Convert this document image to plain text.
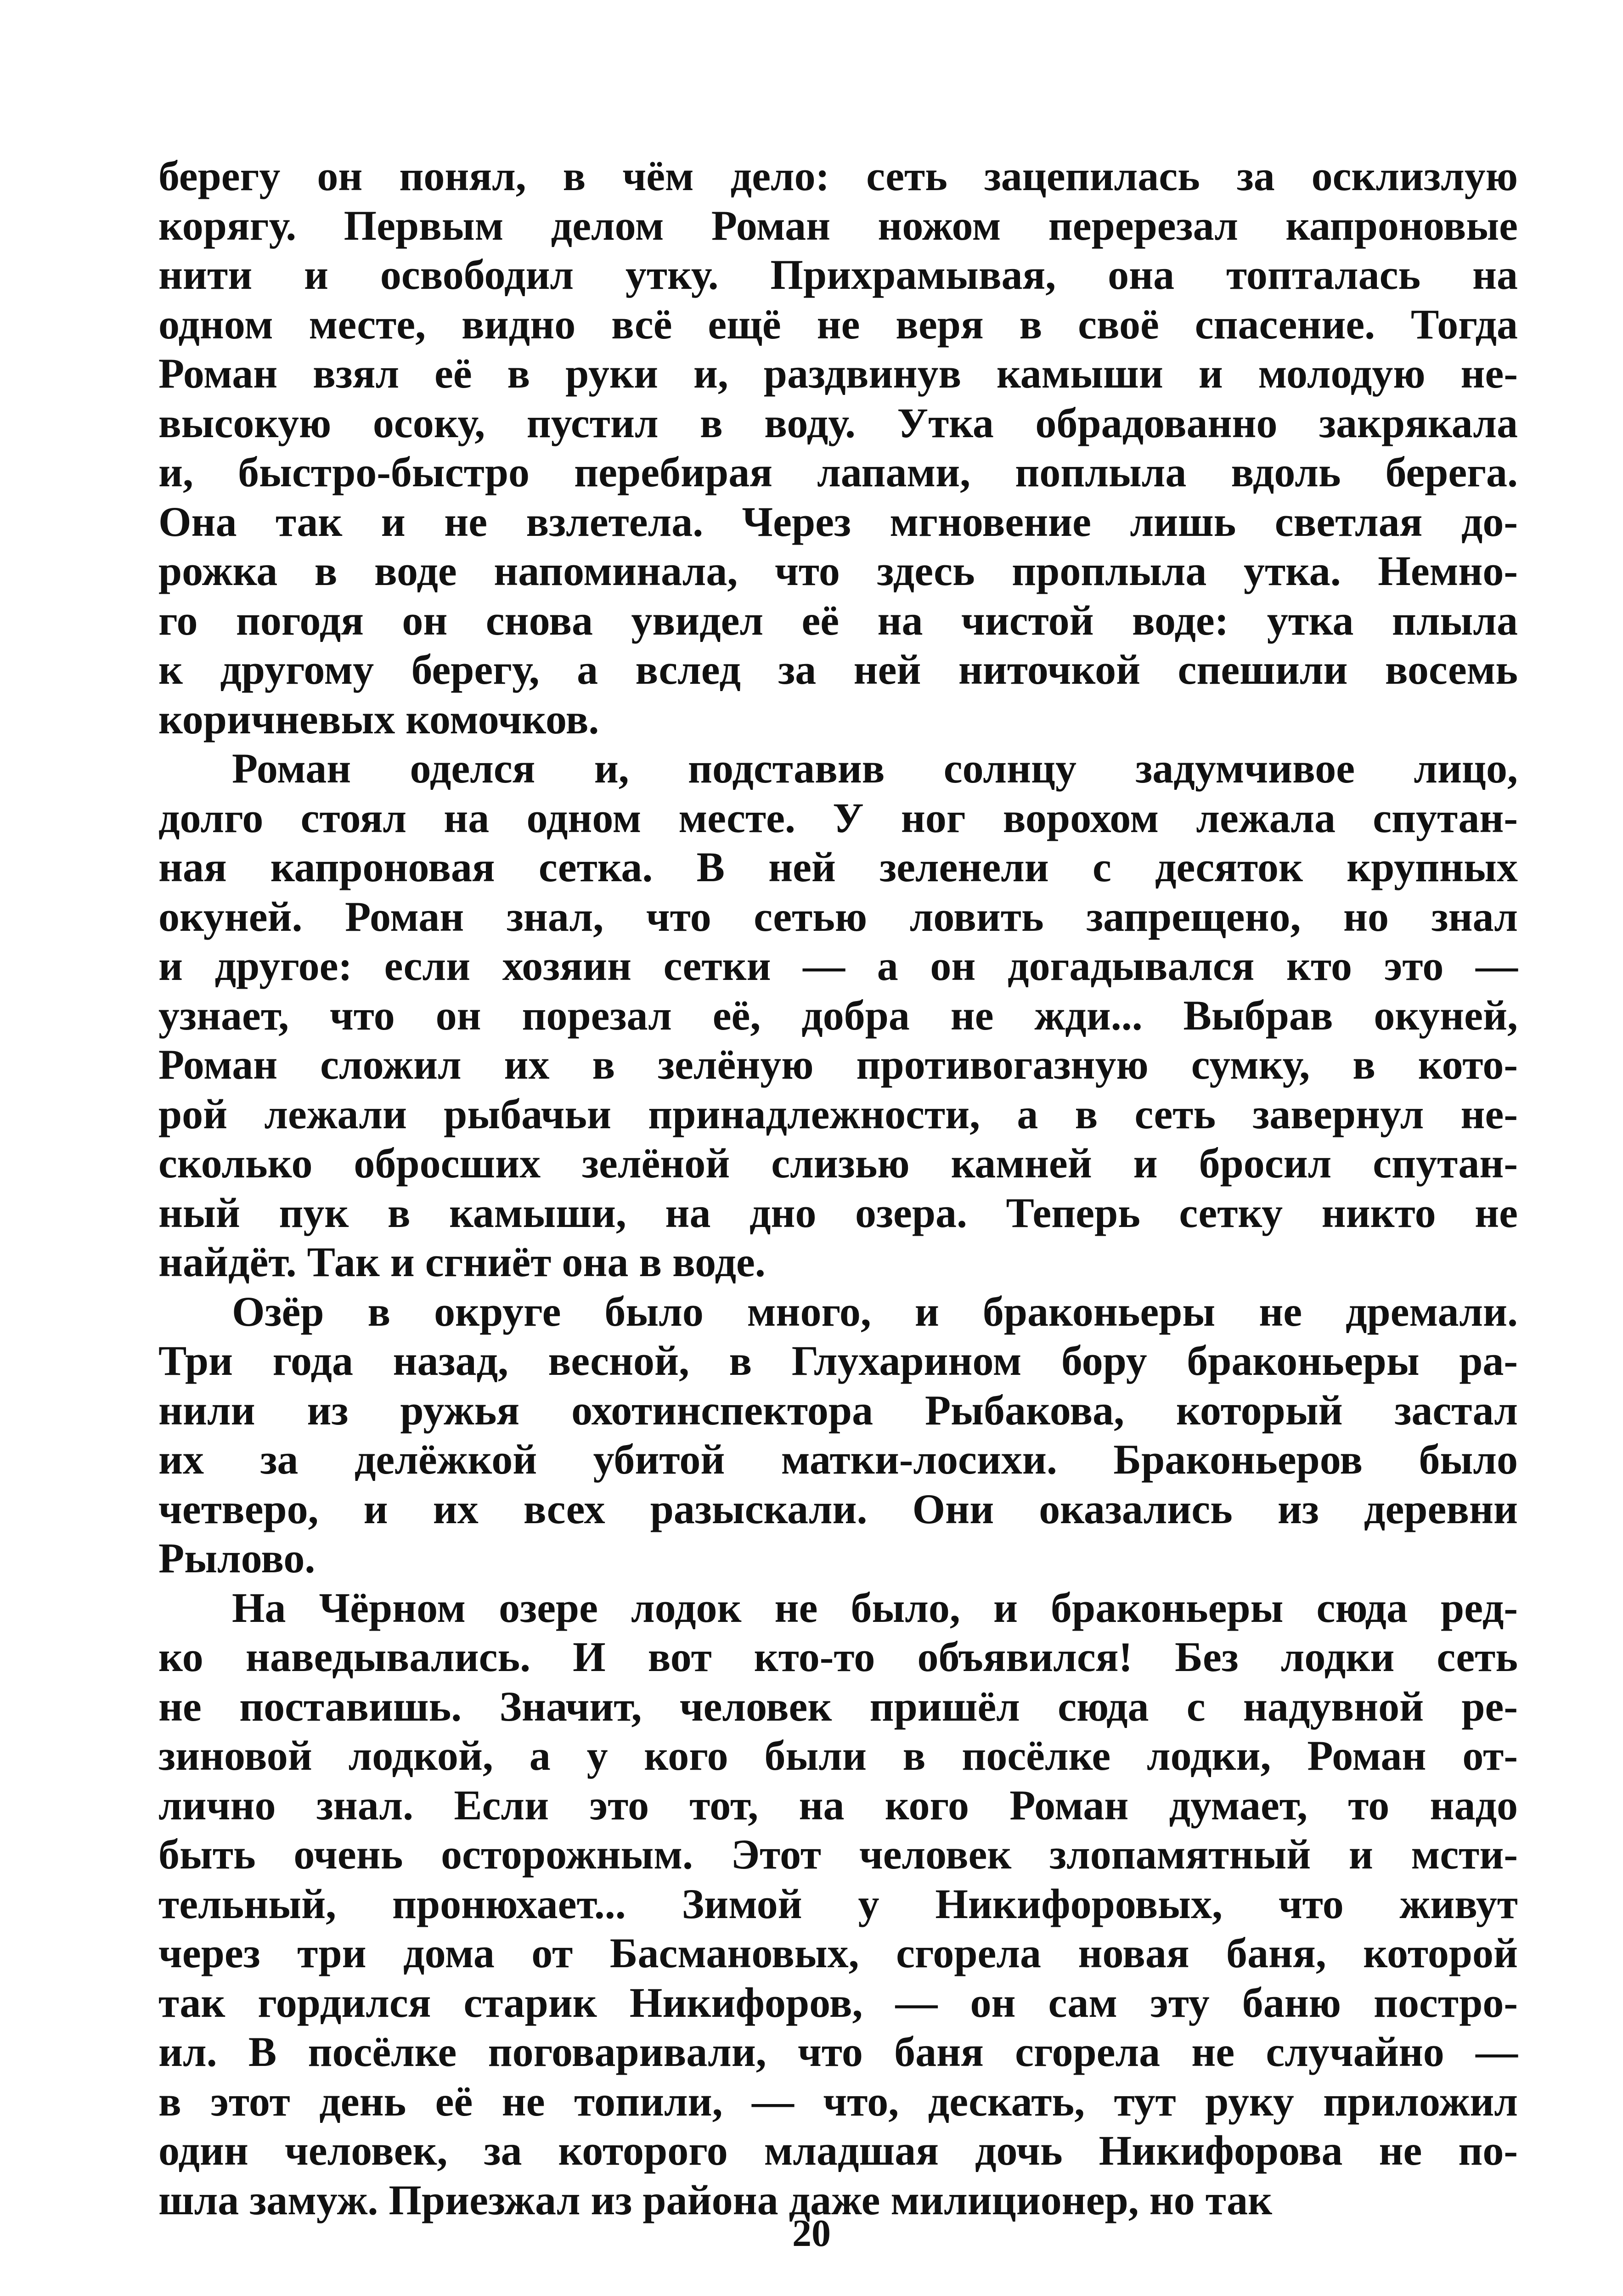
берегу он понял, в чём дело: сеть зацепилась за осклизлую
корягу. Первым делом Роман ножом перерезал капроновые
нити и освободил утку. Прихрамывая, она топталась на
одном месте, видно всё ещё не веря в своё спасение. Тогда
Роман взял её в руки и, раздвинув камыши и молодую не-
высокую осоку, пустил в воду. Утка обрадованно закрякала
и, быстро-быстро перебирая лапами, поплыла вдоль берега.
Она так и не взлетела. Через мгновение лишь светлая до-
рожка в воде напоминала, что здесь проплыла утка. Немно-
го погодя он снова увидел её на чистой воде: утка плыла
к другому берегу, а вслед за ней ниточкой спешили восемь
коричневых комочков.
Роман оделся и, подставив солнцу задумчивое лицо,
долго стоял на одном месте. У ног ворохом лежала спутан-
ная капроновая сетка. В ней зеленели с десяток крупных
окуней. Роман знал, что сетью ловить запрещено, но знал
и другое: если хозяин сетки — а он догадывался кто это —
узнает, что он порезал её, добра не жди... Выбрав окуней,
Роман сложил их в зелёную противогазную сумку, в кото-
рой лежали рыбачьи принадлежности, а в сеть завернул не-
сколько обросших зелёной слизью камней и бросил спутан-
ный пук в камыши, на дно озера. Теперь сетку никто не
найдёт. Так и сгниёт она в воде.
Озёр в округе было много, и браконьеры не дремали.
Три года назад, весной, в Глухарином бору браконьеры ра-
нили из ружья охотинспектора Рыбакова, который застал
их за делёжкой убитой матки-лосихи. Браконьеров было
четверо, и их всех разыскали. Они оказались из деревни
Рылово.
На Чёрном озере лодок не было, и браконьеры сюда ред-
ко наведывались. И вот кто-то объявился! Без лодки сеть
не поставишь. Значит, человек пришёл сюда с надувной ре-
зиновой лодкой, а у кого были в посёлке лодки, Роман от-
лично знал. Если это тот, на кого Роман думает, то надо
быть очень осторожным. Этот человек злопамятный и мсти-
тельный, пронюхает... Зимой у Никифоровых, что живут
через три дома от Басмановых, сгорела новая баня, которой
так гордился старик Никифоров, — он сам эту баню постро-
ил. В посёлке поговаривали, что баня сгорела не случайно —
в этот день её не топили, — что, дескать, тут руку приложил
один человек, за которого младшая дочь Никифорова не по-
шла замуж. Приезжал из района даже милиционер, но так
20
